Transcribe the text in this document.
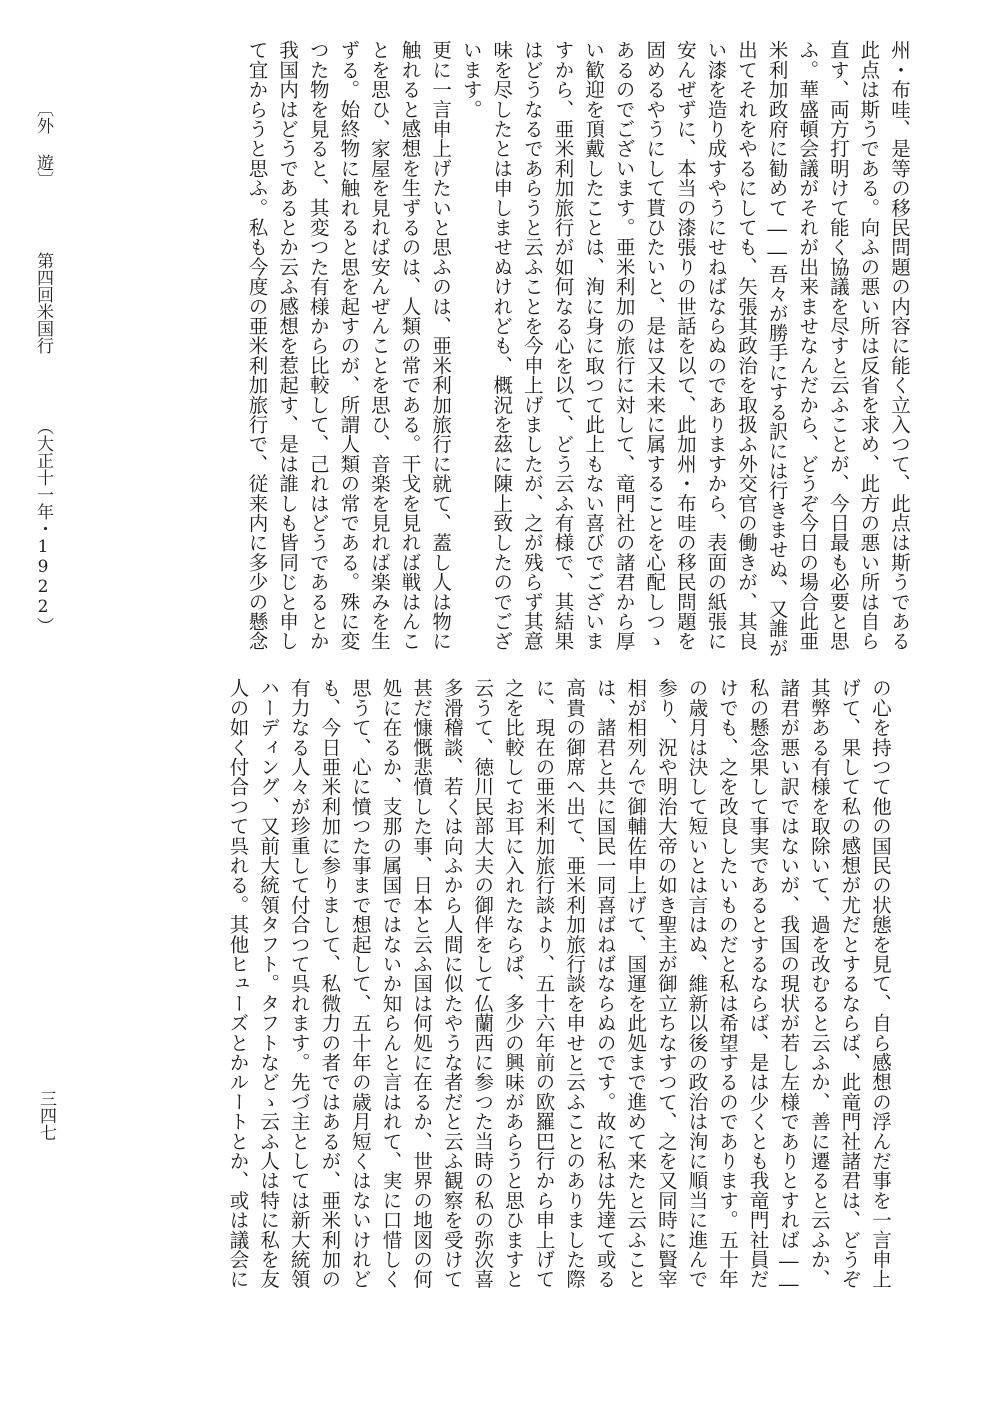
州・布哇、是等の移民問題の内容に能く立入つて、此点は斯うである
此点は斯うである。向ふの悪い所は反省を求め、此方の悪い所は自ら
直す、両方打明けて能く協議を尽すと云ふことが、今日最も必要と思
ふ。華盛頓会議がそれが出来ませなんだから、どうぞ今日の場合此亜
米利加政府に勧めて――吾々が勝手にする訳には行きませぬ、又誰が
出てそれをやるにしても、矢張其政治を取扱ふ外交官の働きが、其良
い漆を造り成すやうにせねばならぬのでありますから、表面の紙張に
安んぜずに、本当の漆張りの世話を以て、此加州・布哇の移民問題を
固めるやうにして貰ひたいと、是は又未来に属することを心配しつゝ
あるのでございます。亜米利加の旅行に対して、竜門社の諸君から厚
い歓迎を頂戴したことは、洵に身に取つて此上もない喜びでございま
すから、亜米利加旅行が如何なる心を以て、どう云ふ有様で、其結果
はどうなるであらうと云ふことを今申上げましたが、之が残らず其意
味を尽したとは申しませぬけれども、概況を茲に陳上致したのでござ
います。
更に一言申上げたいと思ふのは、亜米利加旅行に就て、蓋し人は物に
触れると感想を生ずるのは、人類の常である。干戈を見れば戦はんこ
とを思ひ、家屋を見れば安んぜんことを思ひ、音楽を見れば楽みを生
ずる。始終物に触れると思を起すのが、所謂人類の常である。殊に変
つた物を見ると、其変つた有様から比較して、己れはどうであるとか
我国内はどうであるとか云ふ感想を惹起す、是は誰しも皆同じと申し
て宜からうと思ふ。私も今度の亜米利加旅行で、従来内に多少の懸念
の心を持つて他の国民の状態を見て、自ら感想の浮んだ事を一言申上
げて、果して私の感想が尤だとするならば、此竜門社諸君は、どうぞ
其弊ある有様を取除いて、過を改むると云ふか、善に遷ると云ふか、
諸君が悪い訳ではないが、我国の現状が若し左様でありとすれば――
私の懸念果して事実であるとするならば、是は少くとも我竜門社員だ
けでも、之を改良したいものだと私は希望するのであります。五十年
の歳月は決して短いとは言はぬ、維新以後の政治は洵に順当に進んで
参り、況や明治大帝の如き聖主が御立ちなすつて、之を又同時に賢宰
相が相列んで御輔佐申上げて、国運を此処まで進めて来たと云ふこと
は、諸君と共に国民一同喜ばねばならぬのです。故に私は先達て或る
高貴の御席へ出て、亜米利加旅行談を申せと云ふことのありました際
に、現在の亜米利加旅行談より、五十六年前の欧羅巴行から申上げて
之を比較してお耳に入れたならば、多少の興味があらうと思ひますと
云うて、徳川民部大夫の御伴をして仏蘭西に参つた当時の私の弥次喜
多滑稽談、若くは向ふから人間に似たやうな者だと云ふ観察を受けて
甚だ慷慨悲憤した事、日本と云ふ国は何処に在るか、世界の地図の何
処に在るか、支那の属国ではないか知らんと言はれて、実に口惜しく
思うて、心に憤つた事まで想起して、五十年の歳月短くはないけれど
も、今日亜米利加に参りまして、私微力の者ではあるが、亜米利加の
有力なる人々が珍重して付合つて呉れます。先づ主としては新大統領
ハーディング、又前大統領タフト。タフトなどゝ云ふ人は特に私を友
人の如く付合つて呉れる。其他ヒューズとかルートとか、或は議会に
〔外 遊〕  第四回米国行  （大正十一年・1922）
三四七
